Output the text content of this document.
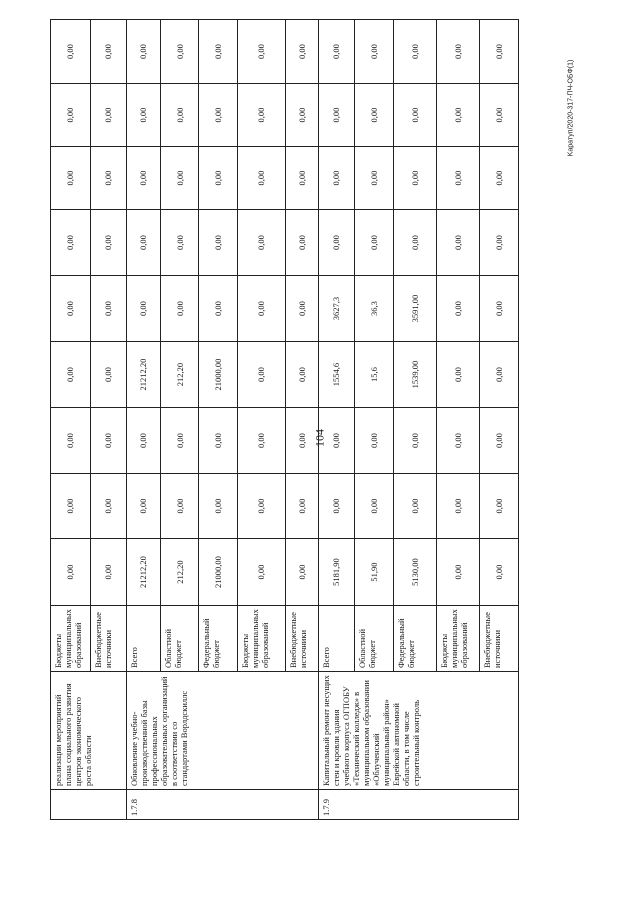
104
Kapaтуп/2020-317-ПЧ-ОБФ(1)
	реализации мероприятий плана социального развития центров экономического роста области	Бюджеты муниципальных образований	0,00	0,00	0,00	0,00	0,00	0,00	0,00	0,00	0,00
		Внебюджетные источники	0,00	0,00	0,00	0,00	0,00	0,00	0,00	0,00	0,00
1.7.8	Обновление учебно-производственной базы профессиональных образовательных организаций в соответствии со стандартами Ворлдскиллс	Всего	21212,20	0,00	0,00	21212,20	0,00	0,00	0,00	0,00	0,00
		Областной бюджет	212,20	0,00	0,00	212,20	0,00	0,00	0,00	0,00	0,00
		Федеральный бюджет	21000,00	0,00	0,00	21000,00	0,00	0,00	0,00	0,00	0,00
		Бюджеты муниципальных образований	0,00	0,00	0,00	0,00	0,00	0,00	0,00	0,00	0,00
		Внебюджетные источники	0,00	0,00	0,00	0,00	0,00	0,00	0,00	0,00	0,00
1.7.9	Капитальный ремонт несущих стен и кровли здания учебного корпуса ОГПОБУ «Технический колледж» в муниципальном образовании «Облученский муниципальный район» Еврейской автономной области, в том числе строительный контроль	Всего	5181,90	0,00	0,00	1554,6	3627,3	0,00	0,00	0,00	0,00
		Областной бюджет	51,90	0,00	0,00	15,6	36,3	0,00	0,00	0,00	0,00
		Федеральный бюджет	5130,00	0,00	0,00	1539,00	3591,00	0,00	0,00	0,00	0,00
		Бюджеты муниципальных образований	0,00	0,00	0,00	0,00	0,00	0,00	0,00	0,00	0,00
		Внебюджетные источники	0,00	0,00	0,00	0,00	0,00	0,00	0,00	0,00	0,00
